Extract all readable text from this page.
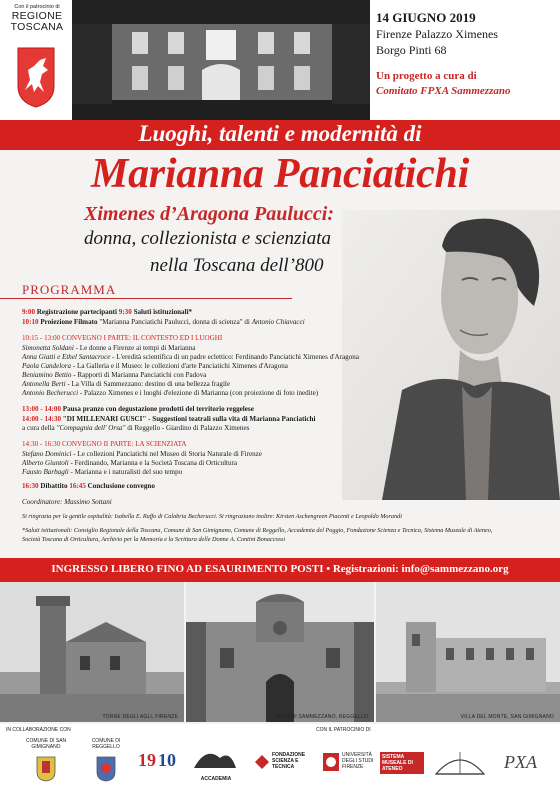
Con il patrocinio di
REGIONE
TOSCANA
14 GIUGNO 2019
Firenze Palazzo Ximenes
Borgo Pinti 68
Un progetto a cura di
Comitato FPXA Sammezzano
Luoghi, talenti e modernità di
Marianna Panciatichi
Ximenes d’Aragona Paulucci:
donna, collezionista e scienziata
nella Toscana dell’800
PROGRAMMA
9:00 Registrazione partecipanti 9:30 Saluti istituzionali*
10:10 Proiezione Filmato "Marianna Panciatichi Paulucci, donna di scienza" di Antonio Chiavacci
10:15 - 13:00 CONVEGNO I PARTE: IL CONTESTO ED I LUOGHI
Simonetta Soldani - Le donne a Firenze ai tempi di Marianna
Anna Giatti e Ethel Santacroce - L'eredità scientifica di un padre eclettico: Ferdinando Panciatichi Ximenes d'Aragona
Paola Candelora - La Galleria e il Museo: le collezioni d'arte Panciatichi Ximenes d'Aragona
Beniamino Bettio - Rapporti di Marianna Panciatichi con Padova
Antonella Berti - La Villa di Sammezzano: destino di una bellezza fragile
Antonio Becherucci - Palazzo Ximenes e i luoghi d'elezione di Marianna (con proiezione di foto inedite)
13:00 - 14:00 Pausa pranzo con degustazione prodotti del territorio reggelese
14:00 - 14:30 "DI MILLENARI GUSCI" - Suggestioni teatrali sulla vita di Marianna Panciatichi
a cura della "Compagnia dell' Orsa" di Reggello - Giardino di Palazzo Ximenes
14:30 - 16:30 CONVEGNO II PARTE: LA SCIENZIATA
Stefano Dominici - Le collezioni Panciatichi nel Museo di Storia Naturale di Firenze
Alberto Giuntoli - Ferdinando, Marianna e la Società Toscana di Orticultura
Fausto Barbagli - Marianna e i naturalisti del suo tempo
16:30 Dibattito 16:45 Conclusione convegno
Coordinatore: Massimo Sottani
Si ringrazia per la gentile ospitalità: Isabella E. Ruffo di Calabria Becherucci. Si ringraziano inoltre: Kirsten Aschengreen Piacenti e Leopoldo Morandi
*Saluti istituzionali: Consiglio Regionale della Toscana, Comune di San Gimignano, Comune di Reggello, Accademia del Poggio, Fondazione Scienza e Tecnica, Sistema Museale di Ateneo,
Società Toscana di Orticultura, Archivio per la Memoria e la Scrittura delle Donne A. Contini Bonaccossi
INGRESSO LIBERO FINO AD ESAURIMENTO POSTI • Registrazioni: info@sammezzano.org
TORRE DEGLI AGLI, FIRENZE	VILLA DI SAMMEZZANO, REGGELLO	VILLA DEL MONTE, SAN GIMIGNANO
IN COLLABORAZIONE CON	CON IL PATROCINIO DI
COMUNE DI SAN GIMIGNANO
COMUNE DI REGGELLO
19 10
ACCADEMIA
FONDAZIONE SCIENZA E TECNICA
UNIVERSITÀ DEGLI STUDI FIRENZE
SISTEMA MUSEALE DI ATENEO	PXA
